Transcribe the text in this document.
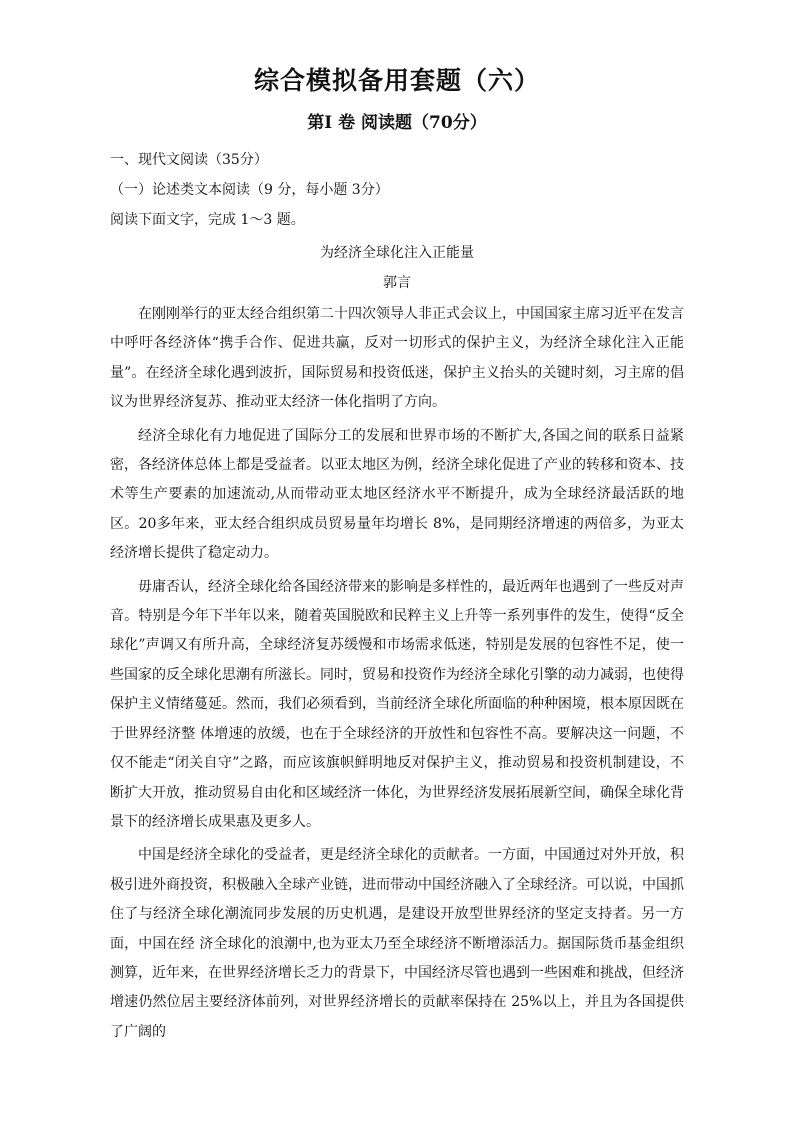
综合模拟备用套题（六）
第I 卷 阅读题（70分）

一、现代文阅读（35分）

（一）论述类文本阅读（9 分，每小题 3分）

阅读下面文字，完成 1～3 题。

为经济全球化注入正能量

郭言

在刚刚举行的亚太经合组织第二十四次领导人非正式会议上，中国国家主席习近平在发言中呼吁各经济体“携手合作、促进共赢，反对一切形式的保护主义，为经济全球化注入正能量”。在经济全球化遇到波折，国际贸易和投资低迷，保护主义抬头的关键时刻，习主席的倡议为世界经济复苏、推动亚太经济一体化指明了方向。

经济全球化有力地促进了国际分工的发展和世界市场的不断扩大,各国之间的联系日益紧密，各经济体总体上都是受益者。以亚太地区为例，经济全球化促进了产业的转移和资本、技术等生产要素的加速流动,从而带动亚太地区经济水平不断提升，成为全球经济最活跃的地区。20多年来，亚太经合组织成员贸易量年均增长 8%，是同期经济增速的两倍多，为亚太经济增长提供了稳定动力。

毋庸否认，经济全球化给各国经济带来的影响是多样性的，最近两年也遇到了一些反对声音。特别是今年下半年以来，随着英国脱欧和民粹主义上升等一系列事件的发生，使得“反全球化”声调又有所升高，全球经济复苏缓慢和市场需求低迷，特别是发展的包容性不足，使一些国家的反全球化思潮有所滋长。同时，贸易和投资作为经济全球化引擎的动力减弱，也使得保护主义情绪蔓延。然而，我们必须看到，当前经济全球化所面临的种种困境，根本原因既在于世界经济整 体增速的放缓，也在于全球经济的开放性和包容性不高。要解决这一问题，不仅不能走“闭关自守”之路，而应该旗帜鲜明地反对保护主义，推动贸易和投资机制建设，不断扩大开放，推动贸易自由化和区域经济一体化，为世界经济发展拓展新空间，确保全球化背景下的经济增长成果惠及更多人。

中国是经济全球化的受益者，更是经济全球化的贡献者。一方面，中国通过对外开放，积极引进外商投资，积极融入全球产业链，进而带动中国经济融入了全球经济。可以说，中国抓住了与经济全球化潮流同步发展的历史机遇，是建设开放型世界经济的坚定支持者。另一方面，中国在经 济全球化的浪潮中,也为亚太乃至全球经济不断增添活力。据国际货币基金组织测算，近年来，在世界经济增长乏力的背景下，中国经济尽管也遇到一些困难和挑战，但经济增速仍然位居主要经济体前列，对世界经济增长的贡献率保持在 25%以上，并且为各国提供了广阔的
